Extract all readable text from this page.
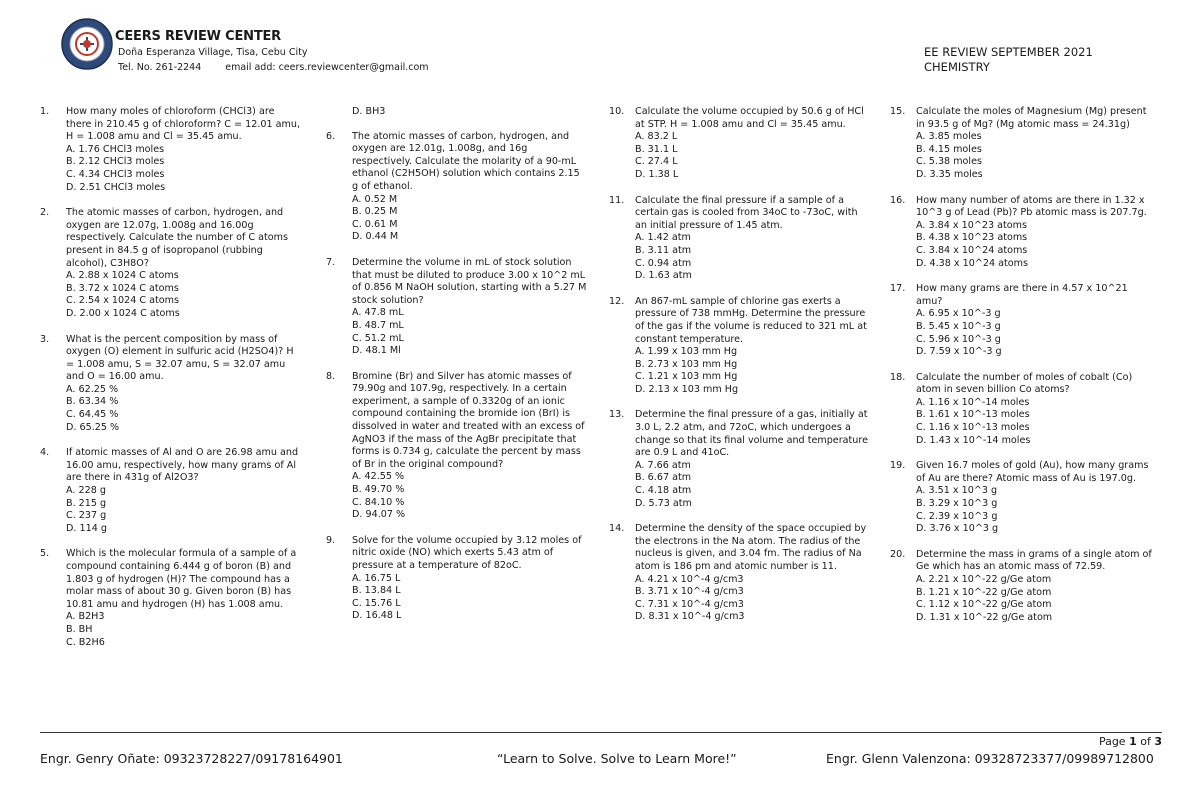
CEERS REVIEW CENTER
Doña Esperanza Village, Tisa, Cebu City
Tel. No. 261-2244	email add: ceers.reviewcenter@gmail.com
EE REVIEW SEPTEMBER 2021
CHEMISTRY
1.	How many moles of chloroform (CHCl3) are there in 210.45 g of chloroform? C = 12.01 amu, H = 1.008 amu and Cl = 35.45 amu.

A. 1.76 CHCl3 moles

B. 2.12 CHCl3 moles

C. 4.34 CHCl3 moles

D. 2.51 CHCl3 moles

2.	The atomic masses of carbon, hydrogen, and oxygen are 12.07g, 1.008g and 16.00g respectively. Calculate the number of C atoms present in 84.5 g of isopropanol (rubbing alcohol), C3H8O?

A. 2.88 x 1024 C atoms

B. 3.72 x 1024 C atoms

C. 2.54 x 1024 C atoms

D. 2.00 x 1024 C atoms

3.	What is the percent composition by mass of oxygen (O) element in sulfuric acid (H2SO4)? H = 1.008 amu, S = 32.07 amu, S = 32.07 amu and O = 16.00 amu.

A. 62.25 %

B. 63.34 %

C. 64.45 %

D. 65.25 %

4.	If atomic masses of Al and O are 26.98 amu and 16.00 amu, respectively, how many grams of Al are there in 431g of Al2O3?

A. 228 g

B. 215 g

C. 237 g

D. 114 g

5.	Which is the molecular formula of a sample of a compound containing 6.444 g of boron (B) and 1.803 g of hydrogen (H)? The compound has a molar mass of about 30 g. Given boron (B) has 10.81 amu and hydrogen (H) has 1.008 amu.

A. B2H3

B. BH

C. B2H6

D. BH3
6.	The atomic masses of carbon, hydrogen, and oxygen are 12.01g, 1.008g, and 16g respectively. Calculate the molarity of a 90-mL ethanol (C2H5OH) solution which contains 2.15 g of ethanol.

A. 0.52 M

B. 0.25 M

C. 0.61 M

D. 0.44 M

7.	Determine the volume in mL of stock solution that must be diluted to produce 3.00 x 10^2 mL of 0.856 M NaOH solution, starting with a 5.27 M stock solution?

A. 47.8 mL

B. 48.7 mL

C. 51.2 mL

D. 48.1 Ml

8.	Bromine (Br) and Silver has atomic masses of 79.90g and 107.9g, respectively. In a certain experiment, a sample of 0.3320g of an ionic compound containing the bromide ion (BrI) is dissolved in water and treated with an excess of AgNO3 if the mass of the AgBr precipitate that forms is 0.734 g, calculate the percent by mass of Br in the original compound?

A. 42.55 %

B. 49.70 %

C. 84.10 %

D. 94.07 %

9.	Solve for the volume occupied by 3.12 moles of nitric oxide (NO) which exerts 5.43 atm of pressure at a temperature of 82oC.

A. 16.75 L

B. 13.84 L

C. 15.76 L

D. 16.48 L

10.	Calculate the volume occupied by 50.6 g of HCl at STP. H = 1.008 amu and Cl = 35.45 amu.

A. 83.2 L

B. 31.1 L

C. 27.4 L

D. 1.38 L

11.	Calculate the final pressure if a sample of a certain gas is cooled from 34oC to -73oC, with an initial pressure of 1.45 atm.

A. 1.42 atm

B. 3.11 atm

C. 0.94 atm

D. 1.63 atm

12.	An 867-mL sample of chlorine gas exerts a pressure of 738 mmHg. Determine the pressure of the gas if the volume is reduced to 321 mL at constant temperature.

A. 1.99 x 103 mm Hg

B. 2.73 x 103 mm Hg

C. 1.21 x 103 mm Hg

D. 2.13 x 103 mm Hg

13.	Determine the final pressure of a gas, initially at 3.0 L, 2.2 atm, and 72oC, which undergoes a change so that its final volume and temperature are 0.9 L and 41oC.

A. 7.66 atm

B. 6.67 atm

C. 4.18 atm

D. 5.73 atm

14.	Determine the density of the space occupied by the electrons in the Na atom. The radius of the nucleus is given, and 3.04 fm. The radius of Na atom is 186 pm and atomic number is 11.

A. 4.21 x 10^-4 g/cm3

B. 3.71 x 10^-4 g/cm3

C. 7.31 x 10^-4 g/cm3

D. 8.31 x 10^-4 g/cm3

15.	Calculate the moles of Magnesium (Mg) present in 93.5 g of Mg? (Mg atomic mass = 24.31g)

A. 3.85 moles

B. 4.15 moles

C. 5.38 moles

D. 3.35 moles

16.	How many number of atoms are there in 1.32 x 10^3 g of Lead (Pb)? Pb atomic mass is 207.7g.

A. 3.84 x 10^23 atoms

B. 4.38 x 10^23 atoms

C. 3.84 x 10^24 atoms

D. 4.38 x 10^24 atoms

17.	How many grams are there in 4.57 x 10^21 amu?

A. 6.95 x 10^-3 g

B. 5.45 x 10^-3 g

C. 5.96 x 10^-3 g

D. 7.59 x 10^-3 g

18.	Calculate the number of moles of cobalt (Co) atom in seven billion Co atoms?

A. 1.16 x 10^-14 moles

B. 1.61 x 10^-13 moles

C. 1.16 x 10^-13 moles

D. 1.43 x 10^-14 moles

19.	Given 16.7 moles of gold (Au), how many grams of Au are there? Atomic mass of Au is 197.0g.

A. 3.51 x 10^3 g

B. 3.29 x 10^3 g

C. 2.39 x 10^3 g

D. 3.76 x 10^3 g

20.	Determine the mass in grams of a single atom of Ge which has an atomic mass of 72.59.

A. 2.21 x 10^-22 g/Ge atom

B. 1.21 x 10^-22 g/Ge atom

C. 1.12 x 10^-22 g/Ge atom

D. 1.31 x 10^-22 g/Ge atom

Page 1 of 3
Engr. Genry Oñate: 09323728227/09178164901	“Learn to Solve. Solve to Learn More!”	Engr. Glenn Valenzona: 09328723377/09989712800
